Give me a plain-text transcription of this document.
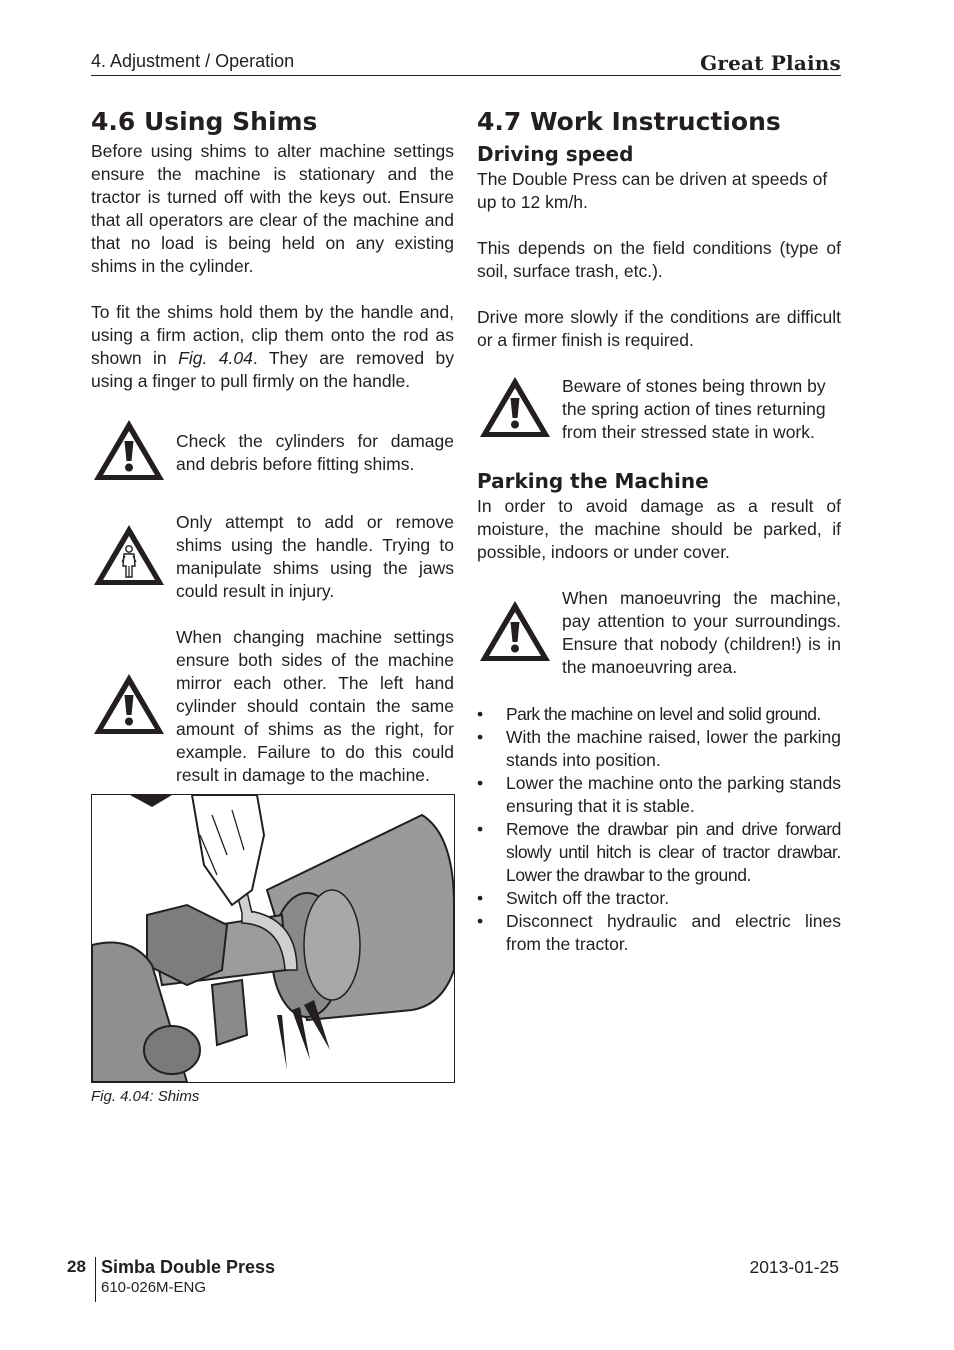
4. Adjustment / Operation	Great Plains
4.6 Using Shims

Before using shims to alter machine settings ensure the machine is stationary and the tractor is turned off with the keys out. Ensure that all operators are clear of the machine and that no load is being held on any existing shims in the cylinder.

To fit the shims hold them by the handle and, using a firm action, clip them onto the rod as shown in Fig. 4.04. They are removed by using a finger to pull firmly on the handle.

Check the cylinders for damage and debris before fitting shims.

Only attempt to add or remove shims using the handle. Trying to manipulate shims using the jaws could result in injury.

When changing machine settings ensure both sides of the machine mirror each other. The left hand cylinder should contain the same amount of shims as the right, for example. Failure to do this could result in damage to the machine.

Fig. 4.04: Shims
4.7 Work Instructions
Driving speed

The Double Press can be driven at speeds of up to 12 km/h.

This depends on the field conditions (type of soil, surface trash, etc.).

Drive more slowly if the conditions are difficult or a firmer finish is required.

Beware of stones being thrown by the spring action of tines returning from their stressed state in work.

Parking the Machine

In order to avoid damage as a result of moisture, the machine should be parked, if possible, indoors or under cover.

When manoeuvring the machine, pay attention to your surroundings. Ensure that nobody (children!) is in the manoeuvring area.

• Park the machine on level and solid ground.
• With the machine raised, lower the parking stands into position.
• Lower the machine onto the parking stands ensuring that it is stable.
• Remove the drawbar pin and drive forward slowly until hitch is clear of tractor drawbar. Lower the drawbar to the ground.
• Switch off the tractor.
• Disconnect hydraulic and electric lines from the tractor.
28 Simba Double Press
610-026M-ENG
2013-01-25
